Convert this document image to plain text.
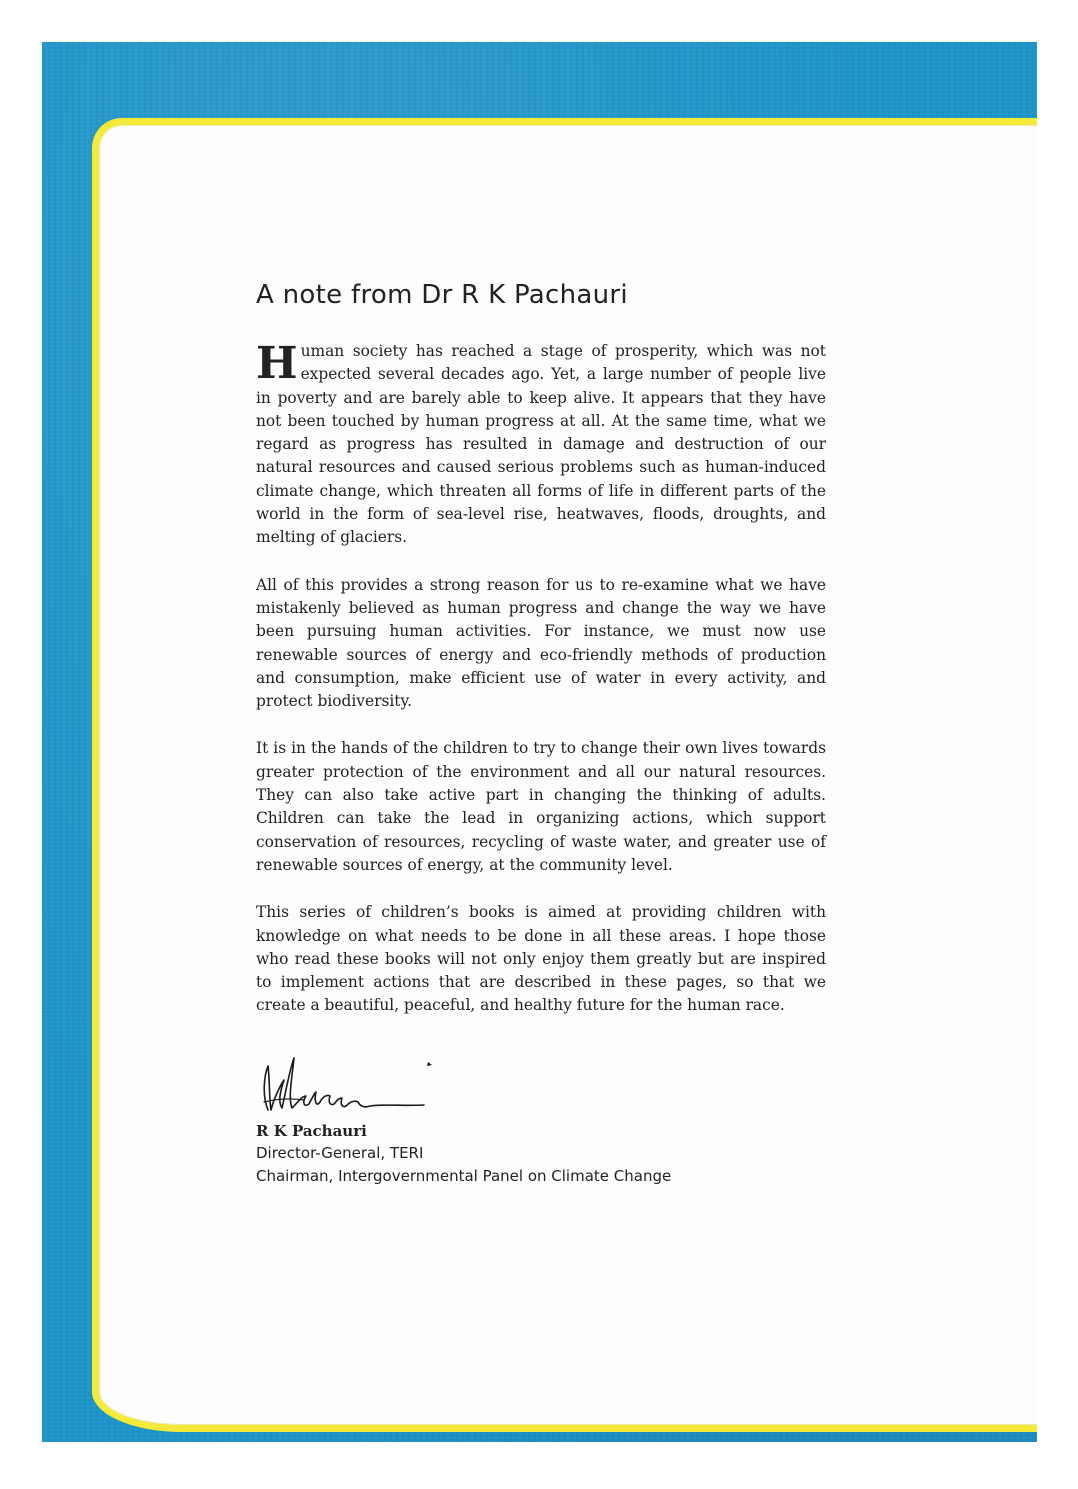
A note from Dr R K Pachauri

Human society has reached a stage of prosperity, which was not expected several decades ago. Yet, a large number of people live in poverty and are barely able to keep alive. It appears that they have not been touched by human progress at all. At the same time, what we regard as progress has resulted in damage and destruction of our natural resources and caused serious problems such as human-induced climate change, which threaten all forms of life in different parts of the world in the form of sea-level rise, heatwaves, floods, droughts, and melting of glaciers.

All of this provides a strong reason for us to re-examine what we have mistakenly believed as human progress and change the way we have been pursuing human activities. For instance, we must now use renewable sources of energy and eco-friendly methods of production and consumption, make efficient use of water in every activity, and protect biodiversity.

It is in the hands of the children to try to change their own lives towards greater protection of the environment and all our natural resources. They can also take active part in changing the thinking of adults. Children can take the lead in organizing actions, which support conservation of resources, recycling of waste water, and greater use of renewable sources of energy, at the community level.

This series of children’s books is aimed at providing children with knowledge on what needs to be done in all these areas. I hope those who read these books will not only enjoy them greatly but are inspired to implement actions that are described in these pages, so that we create a beautiful, peaceful, and healthy future for the human race.

R K Pachauri
Director-General, TERI
Chairman, Intergovernmental Panel on Climate Change
